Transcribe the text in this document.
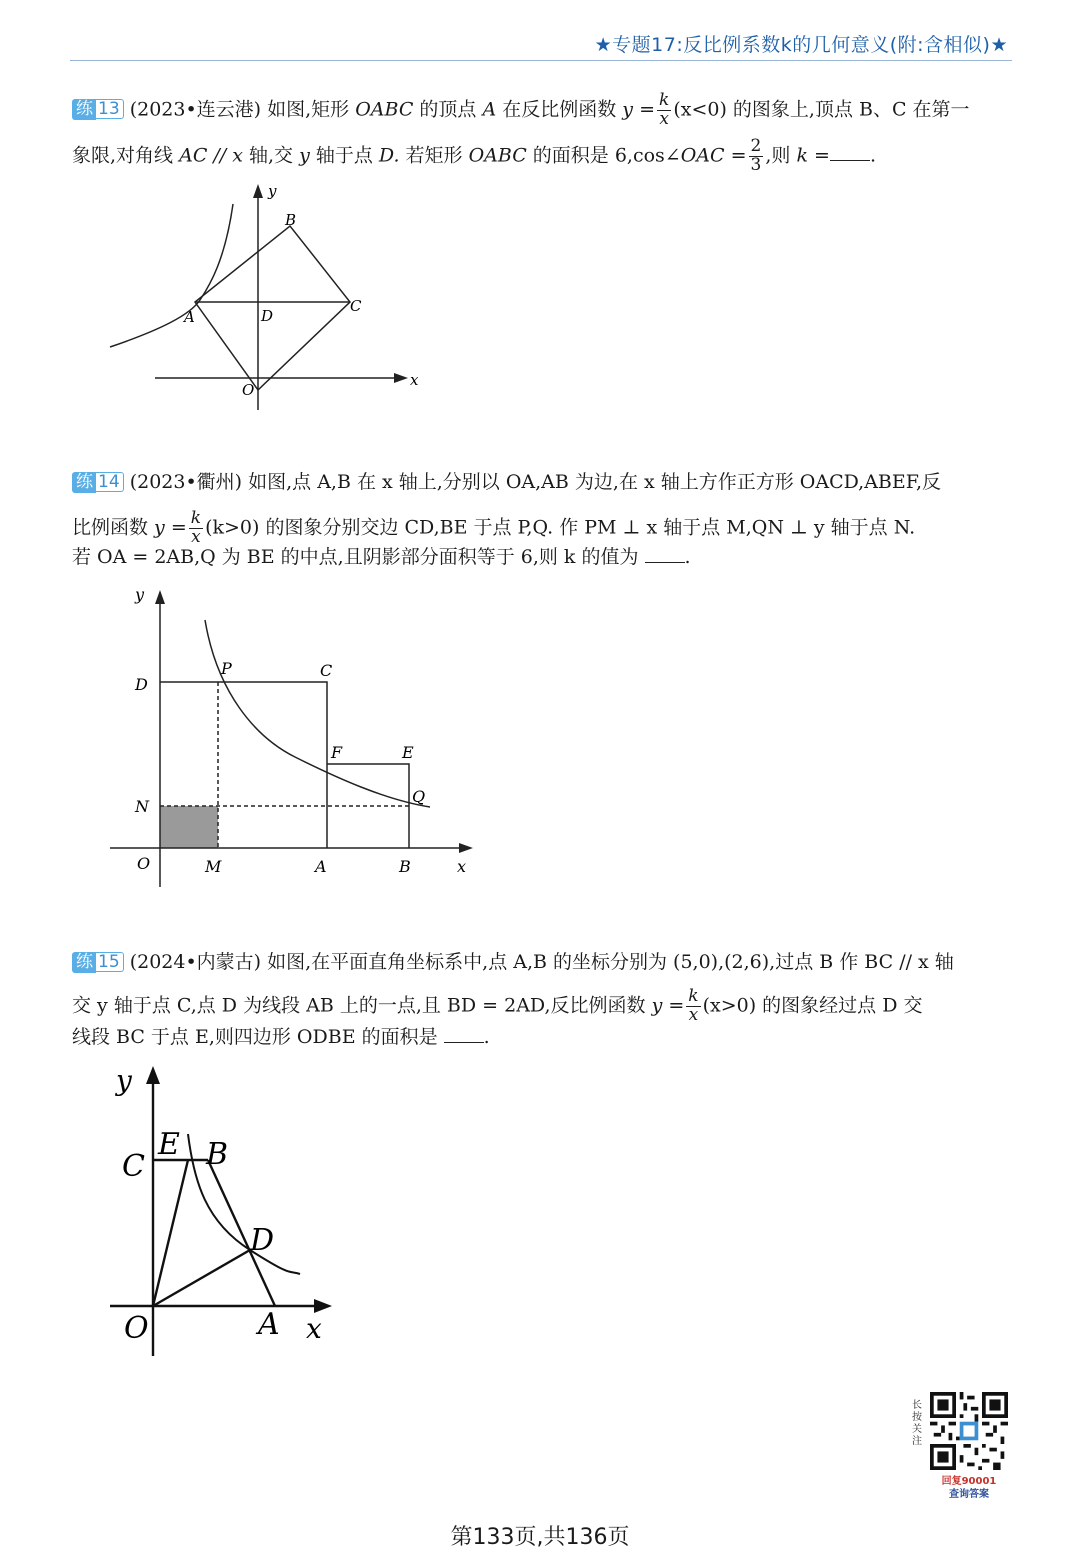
★专题17:反比例系数k的几何意义(附:含相似)★
练 13 (2023•连云港) 如图,矩形 OABC 的顶点 A 在反比例函数 $y = \frac{k}{x} (x<0)$ 的图象上,顶点 B、C 在第一
象限,对角线 AC // x 轴,交 y 轴于点 D. 若矩形 OABC 的面积是 6,cos∠OAC = $\frac{2}{3}$ ,则 k = .
y
x
O
A
B
C
D
练 14 (2023•衢州) 如图,点 A,B 在 x 轴上,分别以 OA,AB 为边,在 x 轴上方作正方形 OACD,ABEF,反
比例函数 $y = \frac{k}{x} (k>0)$ 的图象分别交边 CD,BE 于点 P,Q. 作 PM ⊥ x 轴于点 M,QN ⊥ y 轴于点 N.
若 OA = 2AB,Q 为 BE 的中点,且阴影部分面积等于 6,则 k 的值为 .
y
x
O	M	A	B
N
D
P	C
F	E
Q
练 15 (2024•内蒙古) 如图,在平面直角坐标系中,点 A,B 的坐标分别为 (5,0),(2,6),过点 B 作 BC // x 轴
交 y 轴于点 C,点 D 为线段 AB 上的一点,且 BD = 2AD,反比例函数 $y = \frac{k}{x} (x>0)$ 的图象经过点 D 交
线段 BC 于点 E,则四边形 ODBE 的面积是 .
y
x
O	A
C
E B
D
长按关注
回复90001
查询答案
第133页,共136页
